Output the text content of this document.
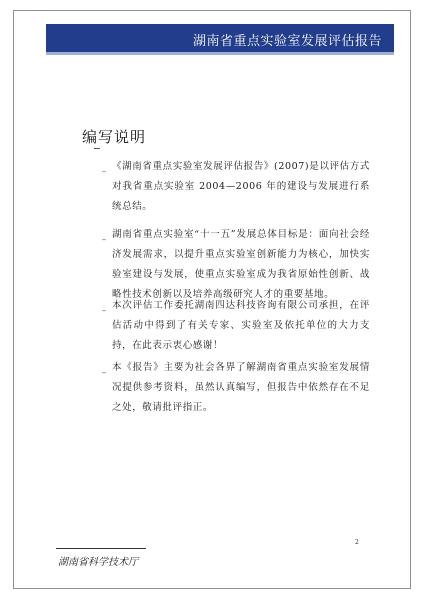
湖南省重点实验室发展评估报告
编写说明
– 《湖南省重点实验室发展评估报告》(2007)是以评估方式对我省重点实验室 2004—2006 年的建设与发展进行系统总结。
– 湖南省重点实验室“十一五”发展总体目标是：面向社会经济发展需求，以提升重点实验室创新能力为核心，加快实验室建设与发展，使重点实验室成为我省原始性创新、战略性技术创新以及培养高级研究人才的重要基地。
– 本次评估工作委托湖南四达科技咨询有限公司承担，在评估活动中得到了有关专家、实验室及依托单位的大力支持，在此表示衷心感谢！
– 本《报告》主要为社会各界了解湖南省重点实验室发展情况提供参考资料，虽然认真编写，但报告中依然存在不足之处，敬请批评指正。
2
湖南省科学技术厅
